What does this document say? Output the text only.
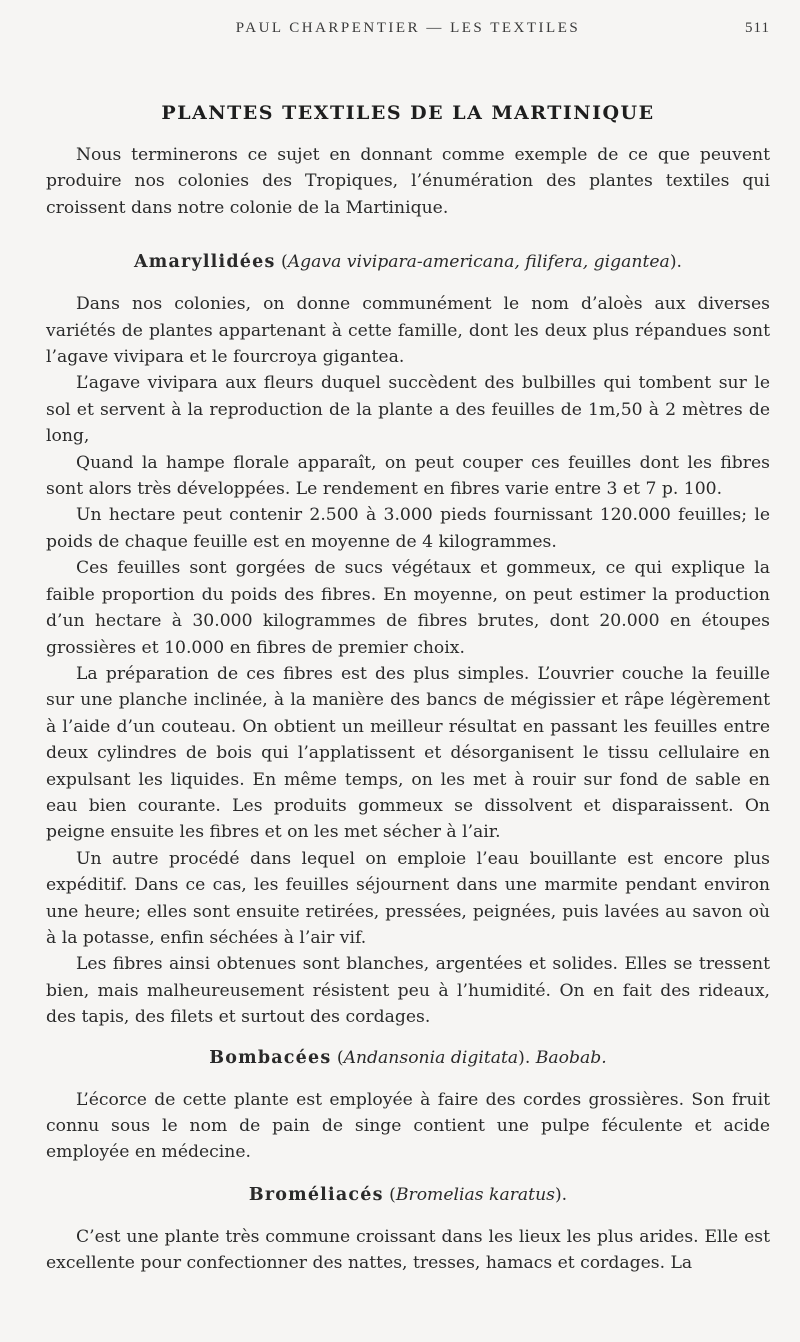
PAUL CHARPENTIER — LES TEXTILES	511
PLANTES TEXTILES DE LA MARTINIQUE

Nous terminerons ce sujet en donnant comme exemple de ce que peuvent produire nos colonies des Tropiques, l’énumération des plantes textiles qui croissent dans notre colonie de la Martinique.

Amaryllidées (Agava vivipara-americana, filifera, gigantea).

Dans nos colonies, on donne communément le nom d’aloès aux diverses variétés de plantes appartenant à cette famille, dont les deux plus répandues sont l’agave vivipara et le fourcroya gigantea.

L’agave vivipara aux fleurs duquel succèdent des bulbilles qui tombent sur le sol et servent à la reproduction de la plante a des feuilles de 1m,50 à 2 mètres de long,

Quand la hampe florale apparaît, on peut couper ces feuilles dont les fibres sont alors très développées. Le rendement en fibres varie entre 3 et 7 p. 100.

Un hectare peut contenir 2.500 à 3.000 pieds fournissant 120.000 feuilles; le poids de chaque feuille est en moyenne de 4 kilogrammes.

Ces feuilles sont gorgées de sucs végétaux et gommeux, ce qui explique la faible proportion du poids des fibres. En moyenne, on peut estimer la production d’un hectare à 30.000 kilogrammes de fibres brutes, dont 20.000 en étoupes grossières et 10.000 en fibres de premier choix.

La préparation de ces fibres est des plus simples. L’ouvrier couche la feuille sur une planche inclinée, à la manière des bancs de mégissier et râpe légèrement à l’aide d’un couteau. On obtient un meilleur résultat en passant les feuilles entre deux cylindres de bois qui l’applatissent et désorganisent le tissu cellulaire en expulsant les liquides. En même temps, on les met à rouir sur fond de sable en eau bien courante. Les produits gommeux se dissolvent et disparaissent. On peigne ensuite les fibres et on les met sécher à l’air.

Un autre procédé dans lequel on emploie l’eau bouillante est encore plus expéditif. Dans ce cas, les feuilles séjournent dans une marmite pendant environ une heure; elles sont ensuite retirées, pressées, peignées, puis lavées au savon où à la potasse, enfin séchées à l’air vif.

Les fibres ainsi obtenues sont blanches, argentées et solides. Elles se tressent bien, mais malheureusement résistent peu à l’humidité. On en fait des rideaux, des tapis, des filets et surtout des cordages.

Bombacées (Andansonia digitata). Baobab.

L’écorce de cette plante est employée à faire des cordes grossières. Son fruit connu sous le nom de pain de singe contient une pulpe féculente et acide employée en médecine.

Broméliacés (Bromelias karatus).

C’est une plante très commune croissant dans les lieux les plus arides. Elle est excellente pour confectionner des nattes, tresses, hamacs et cordages. La
